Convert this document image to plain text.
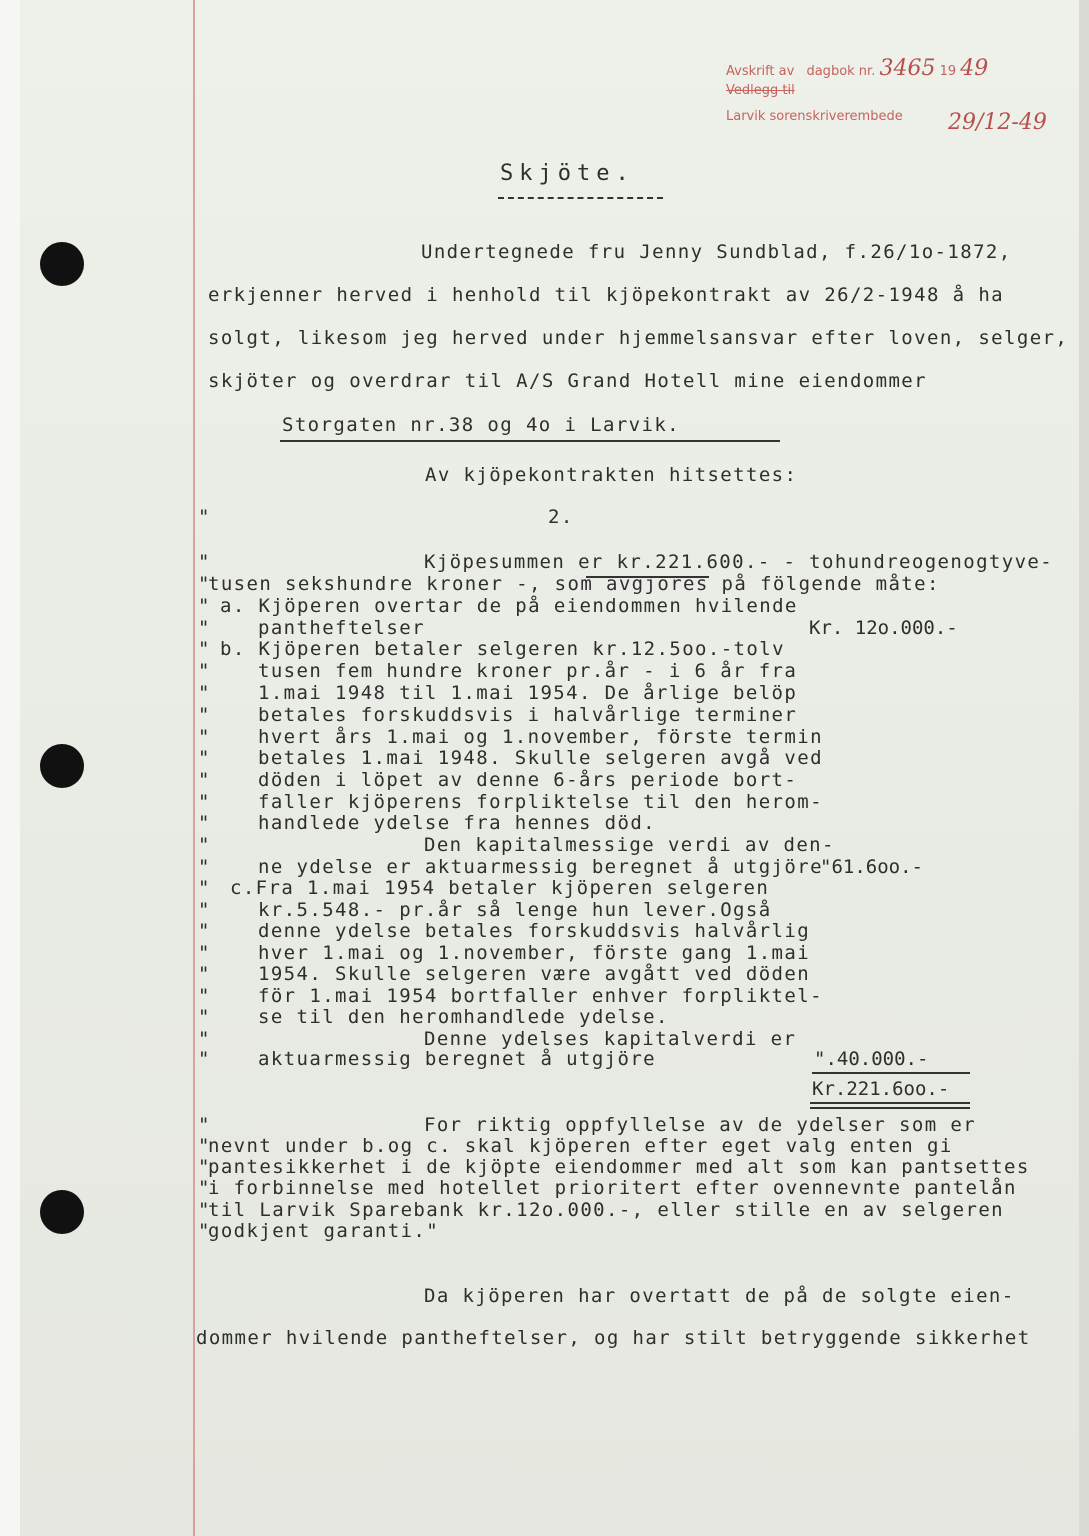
Avskrift av dagbok nr. 3465 19 49
Vedlegg til
Larvik sorenskriverembede 29/12-49
Skjöte.
Undertegnede fru Jenny Sundblad, f.26/1o-1872,
erkjenner herved i henhold til kjöpekontrakt av 26/2-1948 å ha
solgt, likesom jeg herved under hjemmelsansvar efter loven, selger,
skjöter og overdrar til A/S Grand Hotell mine eiendommer
Storgaten nr.38 og 4o i Larvik.
Av kjöpekontrakten hitsettes:
2.
Kjöpesummen er kr.221.600.- - tohundreogenogtyve-
tusen sekshundre kroner -, som avgjöres på fölgende måte:
a. Kjöperen overtar de på eiendommen hvilende
pantheftelser	Kr. 12o.000.-
b. Kjöperen betaler selgeren kr.12.5oo.-tolv
tusen fem hundre kroner pr.år - i 6 år fra
1.mai 1948 til 1.mai 1954. De årlige belöp
betales forskuddsvis i halvårlige terminer
hvert års 1.mai og 1.november, förste termin
betales 1.mai 1948. Skulle selgeren avgå ved
döden i löpet av denne 6-års periode bort-
faller kjöperens forpliktelse til den herom-
handlede ydelse fra hennes död.
Den kapitalmessige verdi av den-
ne ydelse er aktuarmessig beregnet å utgjöre
"61.6oo.-
c.Fra 1.mai 1954 betaler kjöperen selgeren
kr.5.548.- pr.år så lenge hun lever.Også
denne ydelse betales forskuddsvis halvårlig
hver 1.mai og 1.november, förste gang 1.mai
1954. Skulle selgeren være avgått ved döden
för 1.mai 1954 bortfaller enhver forpliktel-
se til den heromhandlede ydelse.
Denne ydelses kapitalverdi er
aktuarmessig beregnet å utgjöre	".40.000.-
Kr.221.6oo.-
For riktig oppfyllelse av de ydelser som er
nevnt under b.og c. skal kjöperen efter eget valg enten gi
pantesikkerhet i de kjöpte eiendommer med alt som kan pantsettes
i forbinnelse med hotellet prioritert efter ovennevnte pantelån
til Larvik Sparebank kr.12o.000.-, eller stille en av selgeren
godkjent garanti."
"
"
"
"
"
"
"
"
"
"
"
"
"
"
"
"
"
"
"
"
"
"
"
"
"
"
"
"
"
"
"
Da kjöperen har overtatt de på de solgte eien-
dommer hvilende pantheftelser, og har stilt betryggende sikkerhet
